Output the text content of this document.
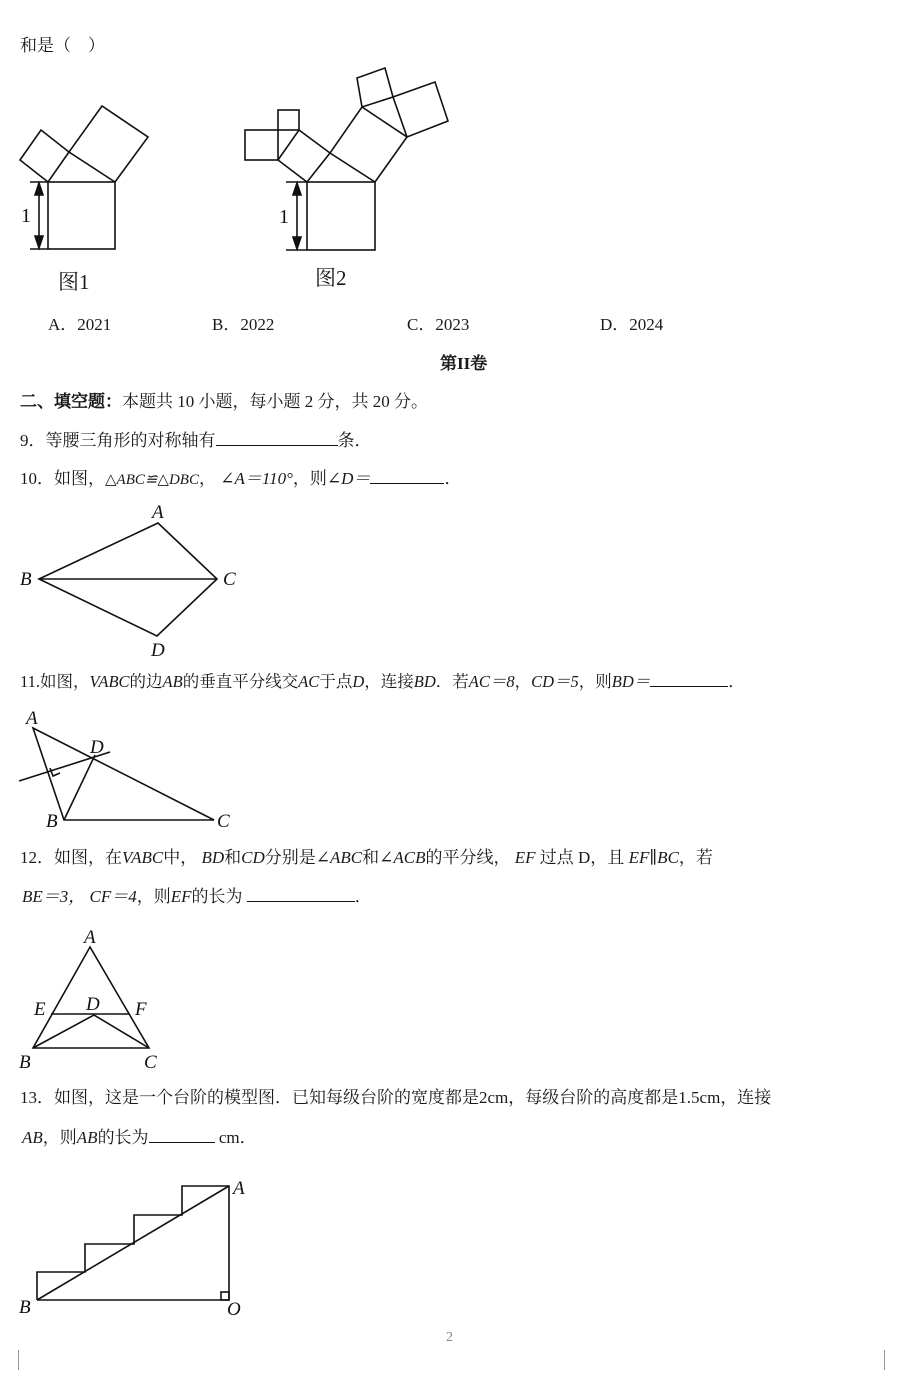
和是（　）
1
图1
1
图2
A．2021	B．2022	C．2023	D．2024
第II卷
二、填空题：本题共 10 小题，每小题 2 分，共 20 分。
9．等腰三角形的对称轴有	条．
10．如图，△ABC≌△DBC， ∠A＝110°，则∠D＝	．
A
B	C
D
11.如图，VABC的边AB的垂直平分线交AC于点D，连接BD．若AC＝8，CD＝5，则BD＝	．
A
D
B	C
12．如图，在VABC中， BD和CD分别是∠ABC和∠ACB的平分线， EF 过点 D，且 EF∥BC，若
BE＝3， CF＝4，则EF的长为	．
A
E D F
B	C
13．如图，这是一个台阶的模型图．已知每级台阶的宽度都是2cm，每级台阶的高度都是1.5cm，连接
AB，则AB的长为	cm．
A
B	O
2
